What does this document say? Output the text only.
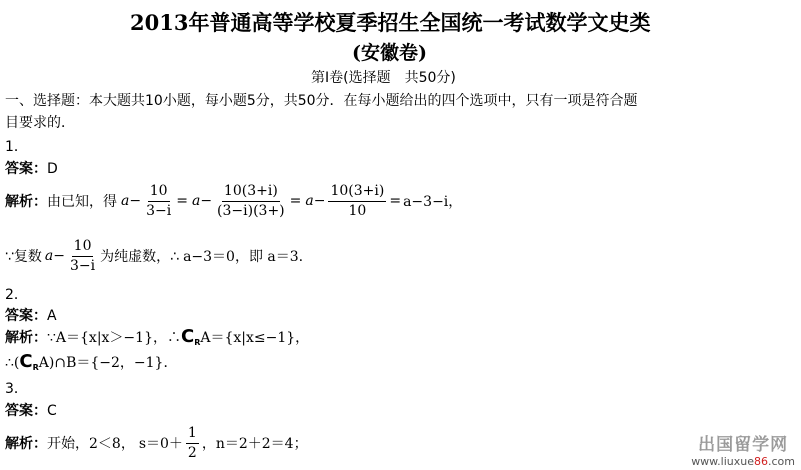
2013年普通高等学校夏季招生全国统一考试数学文史类
(安徽卷)
第Ⅰ卷(选择题　共50分)
一、选择题：本大题共10小题，每小题5分，共50分．在每小题给出的四个选项中，只有一项是符合题
目要求的．
1．
答案：D
解析： 由已知，得 $a - \frac{10}{3-i} = a - \frac{10(3+i)}{(3-i)(3+)} = a - \frac{10(3+i)}{10} = a-3-i$，
∵复数 $a - \frac{10}{3-i}$ 为纯虚数，∴ a−3＝0，即 a＝3.
2．
答案：A
解析：∵A＝{x|x＞−1}，$\therefore C_RA=\{x|x\le-1\}$，
$\therefore(C_RA)\cap B=\{-2$，−1}．
3．
答案：C
解析： 开始，2＜8， $s=0+ \frac{1}{2}$ ，n＝2＋2＝4；	出国留学网
www.liuxue86.com
